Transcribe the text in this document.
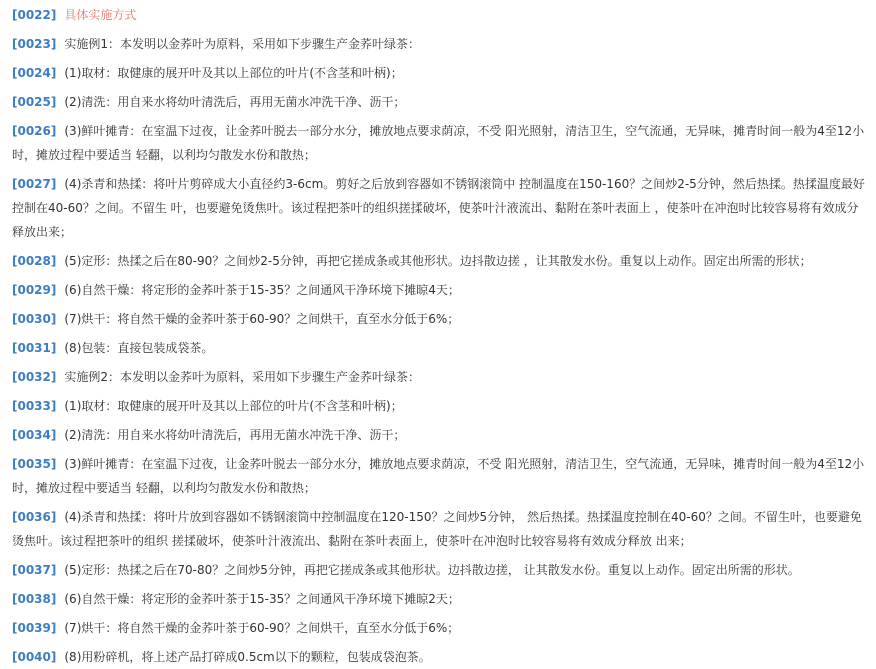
[0022] 具体实施方式

[0023] 实施例1：本发明以金荞叶为原料，采用如下步骤生产金荞叶绿茶：

[0024] (1)取材：取健康的展开叶及其以上部位的叶片(不含茎和叶柄)；

[0025] (2)清洗：用自来水将幼叶清洗后，再用无菌水冲洗干净、沥干；

[0026] (3)鲜叶摊青：在室温下过夜，让金荞叶脱去一部分水分，摊放地点要求荫凉，不受 阳光照射，清洁卫生，空气流通，无异味，摊青时间一般为4至12小时，摊放过程中要适当 轻翻，以利均匀散发水份和散热；

[0027] (4)杀青和热揉：将叶片剪碎成大小直径约3-6cm。剪好之后放到容器如不锈钢滚筒中 控制温度在150-160？之间炒2-5分钟，然后热揉。热揉温度最好控制在40-60？之间。不留生 叶，也要避免烫焦叶。该过程把茶叶的组织搓揉破坏，使茶叶汁液流出、黏附在茶叶表面上 ，使茶叶在冲泡时比较容易将有效成分释放出来；

[0028] (5)定形：热揉之后在80-90？之间炒2-5分钟，再把它搓成条或其他形状。边抖散边搓 ，让其散发水份。重复以上动作。固定出所需的形状；

[0029] (6)自然干燥：将定形的金荞叶茶于15-35？之间通风干净环境下摊晾4天；

[0030] (7)烘干：将自然干燥的金荞叶茶于60-90？之间烘干，直至水分低于6%；

[0031] (8)包装：直接包装成袋茶。

[0032] 实施例2：本发明以金荞叶为原料，采用如下步骤生产金荞叶绿茶：

[0033] (1)取材：取健康的展开叶及其以上部位的叶片(不含茎和叶柄)；

[0034] (2)清洗：用自来水将幼叶清洗后，再用无菌水冲洗干净、沥干；

[0035] (3)鲜叶摊青：在室温下过夜，让金荞叶脱去一部分水分，摊放地点要求荫凉，不受 阳光照射，清洁卫生，空气流通，无异味，摊青时间一般为4至12小时，摊放过程中要适当 轻翻，以利均匀散发水份和散热；

[0036] (4)杀青和热揉：将叶片放到容器如不锈钢滚筒中控制温度在120-150？之间炒5分钟， 然后热揉。热揉温度控制在40-60？之间。不留生叶，也要避免烫焦叶。该过程把茶叶的组织 搓揉破坏，使茶叶汁液流出、黏附在茶叶表面上，使茶叶在冲泡时比较容易将有效成分释放 出来；

[0037] (5)定形：热揉之后在70-80？之间炒5分钟，再把它搓成条或其他形状。边抖散边搓， 让其散发水份。重复以上动作。固定出所需的形状。

[0038] (6)自然干燥：将定形的金荞叶茶于15-35？之间通风干净环境下摊晾2天；

[0039] (7)烘干：将自然干燥的金荞叶茶于60-90？之间烘干，直至水分低于6%；

[0040] (8)用粉碎机，将上述产品打碎成0.5cm以下的颗粒，包装成袋泡茶。
